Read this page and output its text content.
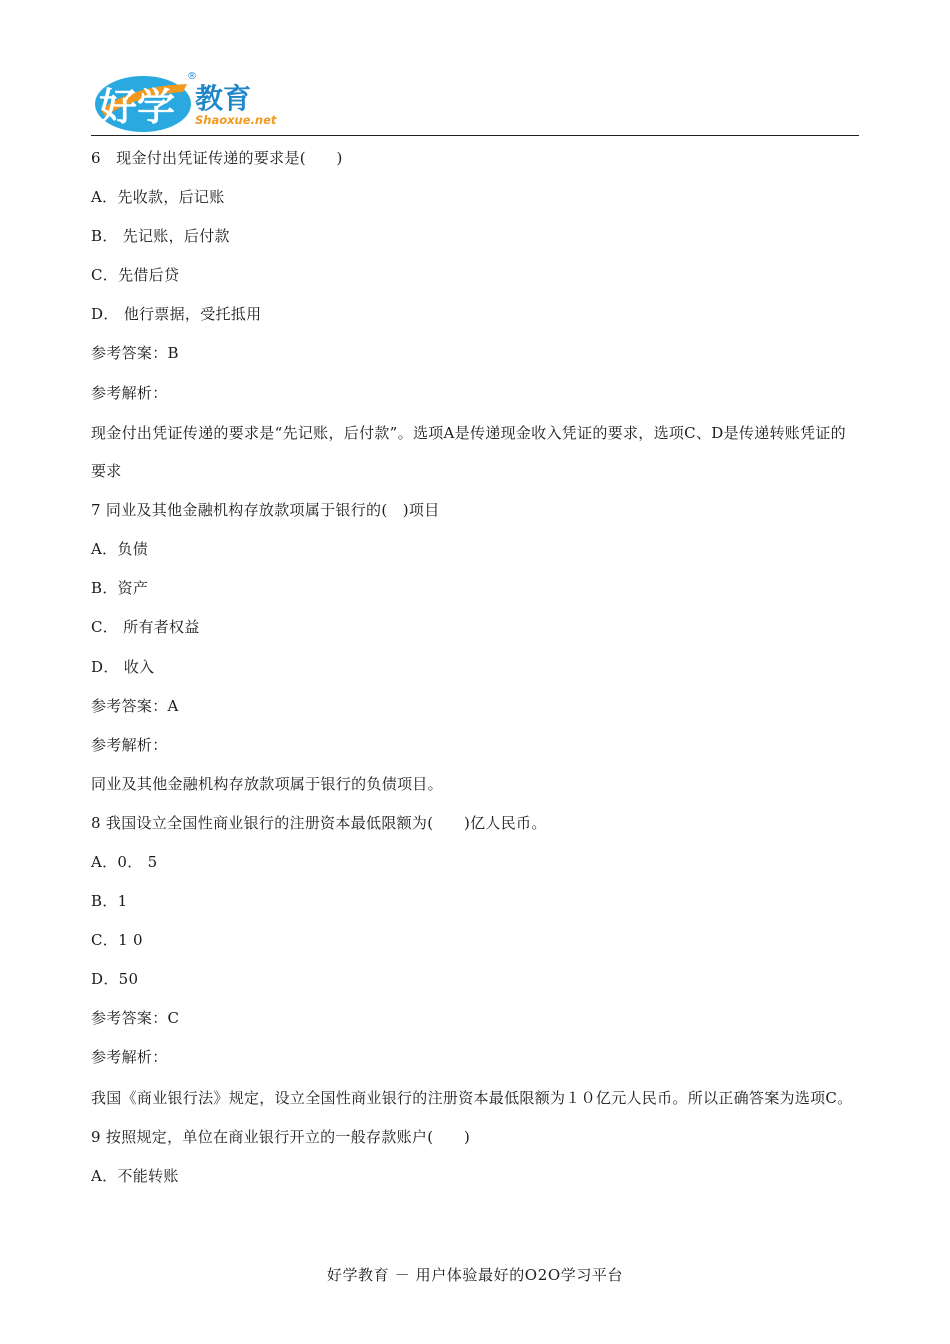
好学 教育
Shaoxue.net
®
6　现金付出凭证传递的要求是(　　)
A．先收款，后记账
B． 先记账，后付款
C．先借后贷
D． 他行票据，受托抵用
参考答案：B
参考解析：
现金付出凭证传递的要求是“先记账，后付款”。选项A是传递现金收入凭证的要求，选项C、D是传递转账凭证的要求
7 同业及其他金融机构存放款项属于银行的(　)项目
A．负债
B．资产
C． 所有者权益
D． 收入
参考答案：A
参考解析：
同业及其他金融机构存放款项属于银行的负债项目。
8 我国设立全国性商业银行的注册资本最低限额为(　　)亿人民币。
A．0． 5
B．1
C．1 0
D．50
参考答案：C
参考解析：
我国《商业银行法》规定，设立全国性商业银行的注册资本最低限额为１０亿元人民币。所以正确答案为选项C。
9 按照规定，单位在商业银行开立的一般存款账户(　　)
A．不能转账
好学教育 － 用户体验最好的O2O学习平台
